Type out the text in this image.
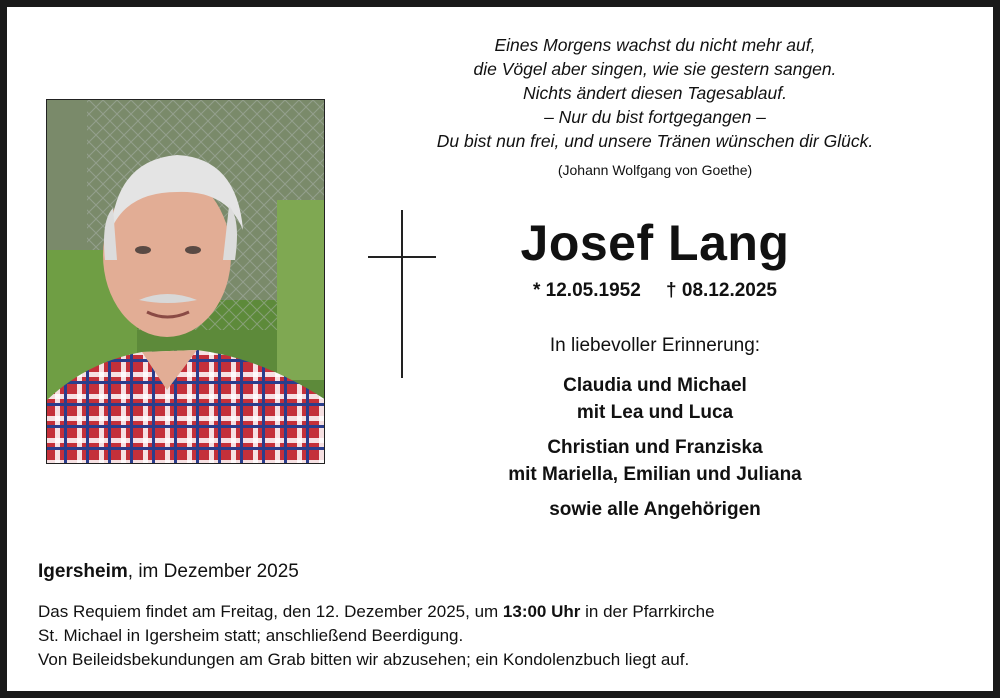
Eines Morgens wachst du nicht mehr auf,
die Vögel aber singen, wie sie gestern sangen.
Nichts ändert diesen Tagesablauf.
– Nur du bist fortgegangen –
Du bist nun frei, und unsere Tränen wünschen dir Glück.
(Johann Wolfgang von Goethe)
Josef Lang
* 12.05.1952 † 08.12.2025
In liebevoller Erinnerung:
Claudia und Michael
mit Lea und Luca
Christian und Franziska
mit Mariella, Emilian und Juliana
sowie alle Angehörigen
Igersheim, im Dezember 2025
Das Requiem findet am Freitag, den 12. Dezember 2025, um 13:00 Uhr in der Pfarrkirche
St. Michael in Igersheim statt; anschließend Beerdigung.
Von Beileidsbekundungen am Grab bitten wir abzusehen; ein Kondolenzbuch liegt auf.
